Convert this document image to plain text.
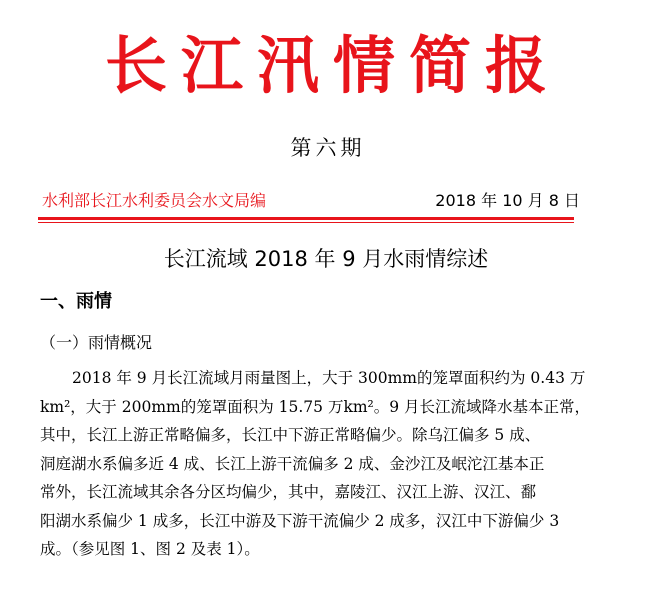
长江汛情简报
第六期
水利部长江水利委员会水文局编	2018 年 10 月 8 日
长江流域 2018 年 9 月水雨情综述
一、雨情
（一）雨情概况
2018 年 9 月长江流域月雨量图上，大于 300mm的笼罩面积约为 0.43 万
km²，大于 200mm的笼罩面积为 15.75 万km²。9 月长江流域降水基本正常，
其中，长江上游正常略偏多，长江中下游正常略偏少。除乌江偏多 5 成、
洞庭湖水系偏多近 4 成、长江上游干流偏多 2 成、金沙江及岷沱江基本正
常外，长江流域其余各分区均偏少，其中，嘉陵江、汉江上游、汉江、鄱
阳湖水系偏少 1 成多，长江中游及下游干流偏少 2 成多，汉江中下游偏少 3
成。（参见图 1、图 2 及表 1）。
